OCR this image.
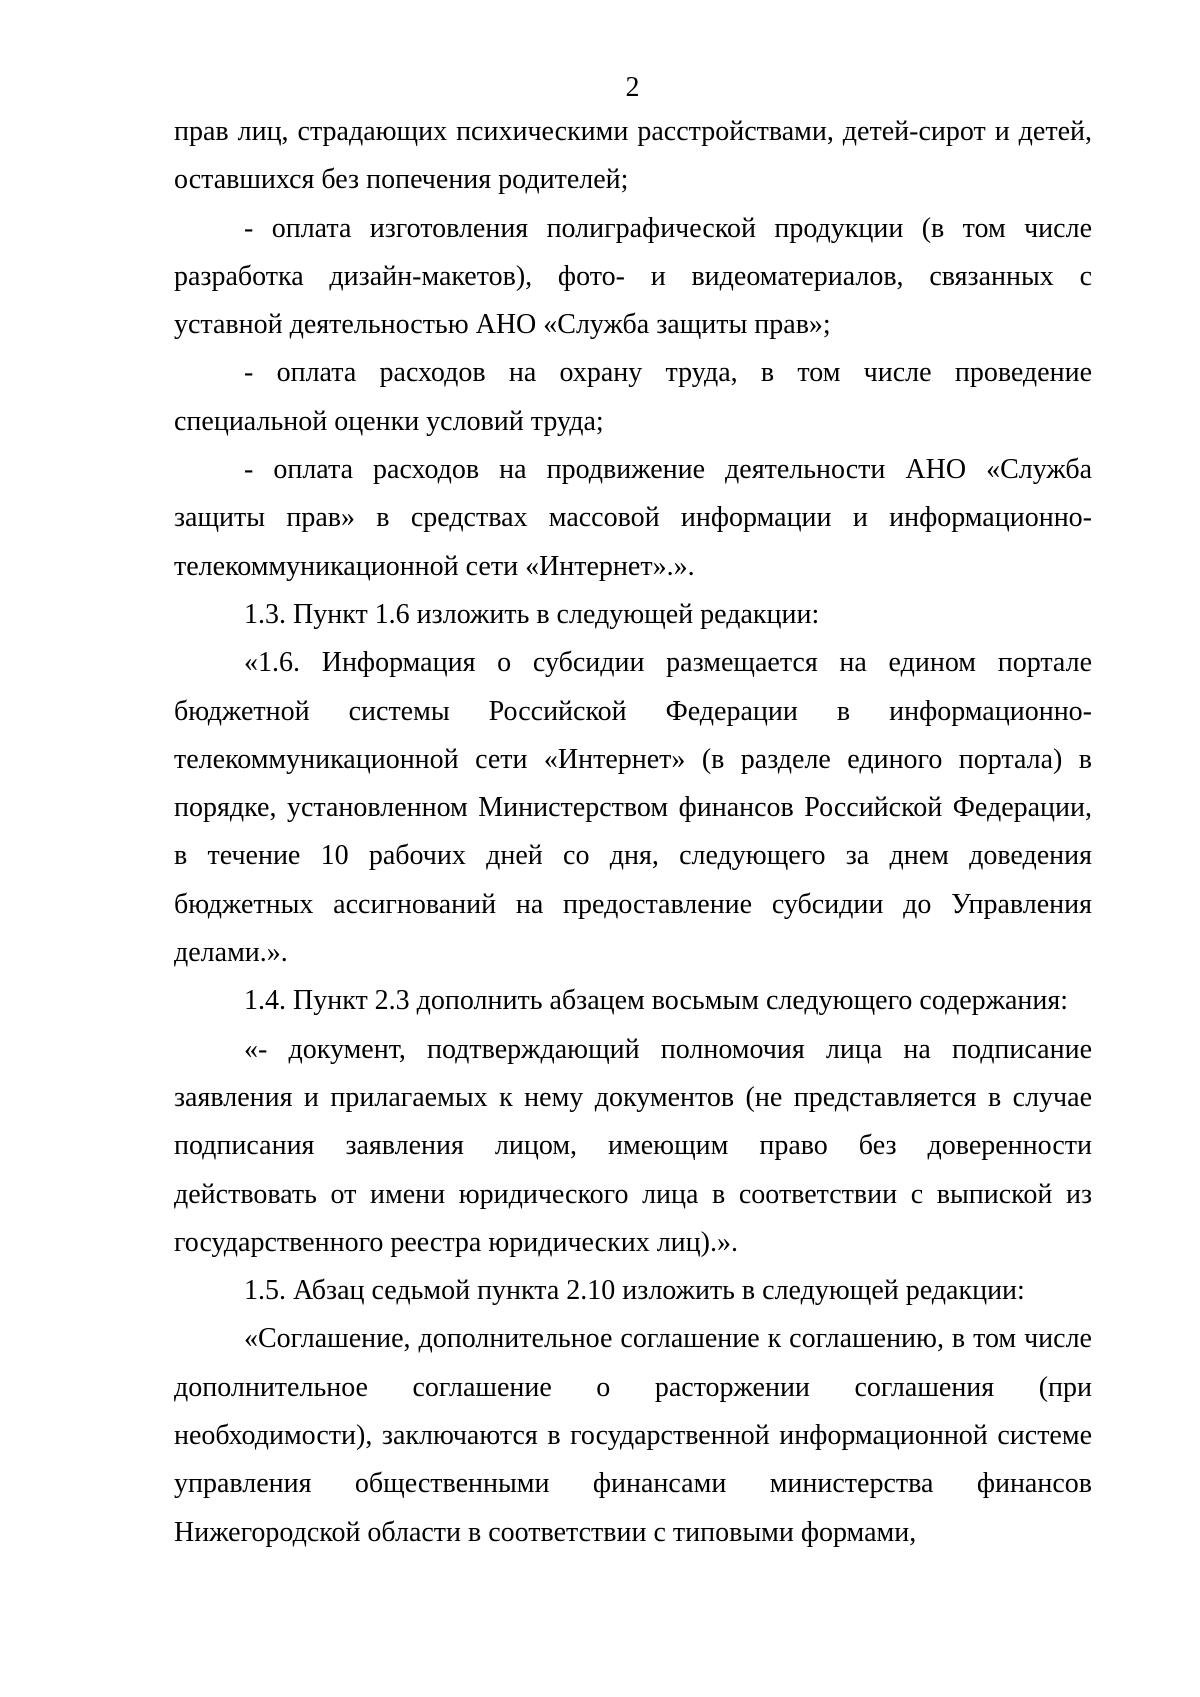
2

прав лиц, страдающих психическими расстройствами, детей-сирот и детей, оставшихся без попечения родителей;

- оплата изготовления полиграфической продукции (в том числе разработка дизайн-макетов), фото- и видеоматериалов, связанных с уставной деятельностью АНО «Служба защиты прав»;

- оплата расходов на охрану труда, в том числе проведение специальной оценки условий труда;

- оплата расходов на продвижение деятельности АНО «Служба защиты прав» в средствах массовой информации и информационно-телекоммуникационной сети «Интернет».».

1.3. Пункт 1.6 изложить в следующей редакции:

«1.6. Информация о субсидии размещается на едином портале бюджетной системы Российской Федерации в информационно-телекоммуникационной сети «Интернет» (в разделе единого портала) в порядке, установленном Министерством финансов Российской Федерации, в течение 10 рабочих дней со дня, следующего за днем доведения бюджетных ассигнований на предоставление субсидии до Управления делами.».

1.4. Пункт 2.3 дополнить абзацем восьмым следующего содержания:

«- документ, подтверждающий полномочия лица на подписание заявления и прилагаемых к нему документов (не представляется в случае подписания заявления лицом, имеющим право без доверенности действовать от имени юридического лица в соответствии с выпиской из государственного реестра юридических лиц).».

1.5. Абзац седьмой пункта 2.10 изложить в следующей редакции:

«Соглашение, дополнительное соглашение к соглашению, в том числе дополнительное соглашение о расторжении соглашения (при необходимости), заключаются в государственной информационной системе управления общественными финансами министерства финансов Нижегородской области в соответствии с типовыми формами,
